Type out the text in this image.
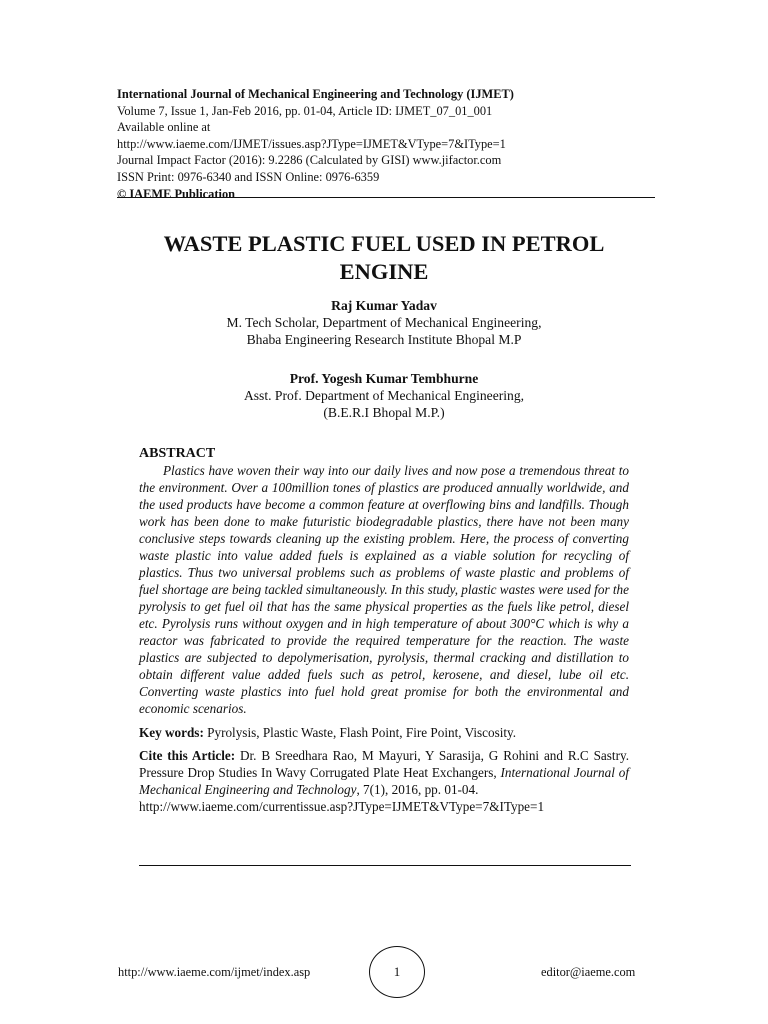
International Journal of Mechanical Engineering and Technology (IJMET)
Volume 7, Issue 1, Jan-Feb 2016, pp. 01-04, Article ID: IJMET_07_01_001
Available online at
http://www.iaeme.com/IJMET/issues.asp?JType=IJMET&VType=7&IType=1
Journal Impact Factor (2016): 9.2286 (Calculated by GISI) www.jifactor.com
ISSN Print: 0976-6340 and ISSN Online: 0976-6359
© IAEME Publication
WASTE PLASTIC FUEL USED IN PETROL
ENGINE
Raj Kumar Yadav
M. Tech Scholar, Department of Mechanical Engineering,
Bhaba Engineering Research Institute Bhopal M.P
Prof. Yogesh Kumar Tembhurne
Asst. Prof. Department of Mechanical Engineering,
(B.E.R.I Bhopal M.P.)
ABSTRACT

Plastics have woven their way into our daily lives and now pose a tremendous threat to the environment. Over a 100million tones of plastics are produced annually worldwide, and the used products have become a common feature at overflowing bins and landfills. Though work has been done to make futuristic biodegradable plastics, there have not been many conclusive steps towards cleaning up the existing problem. Here, the process of converting waste plastic into value added fuels is explained as a viable solution for recycling of plastics. Thus two universal problems such as problems of waste plastic and problems of fuel shortage are being tackled simultaneously. In this study, plastic wastes were used for the pyrolysis to get fuel oil that has the same physical properties as the fuels like petrol, diesel etc. Pyrolysis runs without oxygen and in high temperature of about 300°C which is why a reactor was fabricated to provide the required temperature for the reaction. The waste plastics are subjected to depolymerisation, pyrolysis, thermal cracking and distillation to obtain different value added fuels such as petrol, kerosene, and diesel, lube oil etc. Converting waste plastics into fuel hold great promise for both the environmental and economic scenarios.

Key words: Pyrolysis, Plastic Waste, Flash Point, Fire Point, Viscosity.
Cite this Article: Dr. B Sreedhara Rao, M Mayuri, Y Sarasija, G Rohini and R.C Sastry. Pressure Drop Studies In Wavy Corrugated Plate Heat Exchangers, International Journal of Mechanical Engineering and Technology, 7(1), 2016, pp. 01-04.
http://www.iaeme.com/currentissue.asp?JType=IJMET&VType=7&IType=1
http://www.iaeme.com/ijmet/index.asp	1	editor@iaeme.com
